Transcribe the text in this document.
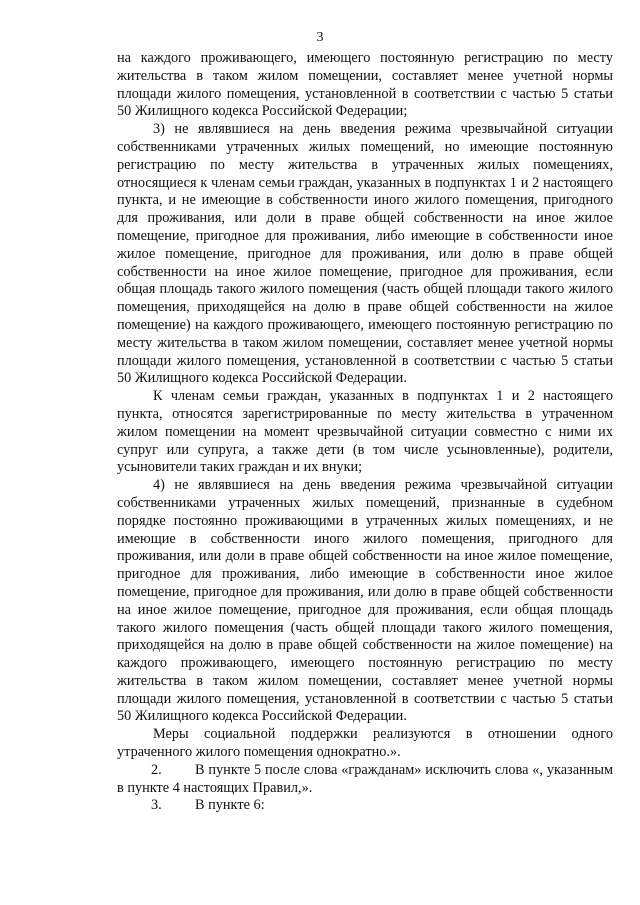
3

на каждого проживающего, имеющего постоянную регистрацию по месту жительства в таком жилом помещении, составляет менее учетной нормы площади жилого помещения, установленной в соответствии с частью 5 статьи 50 Жилищного кодекса Российской Федерации;

3) не являвшиеся на день введения режима чрезвычайной ситуации собственниками утраченных жилых помещений, но имеющие постоянную регистрацию по месту жительства в утраченных жилых помещениях, относящиеся к членам семьи граждан, указанных в подпунктах 1 и 2 настоящего пункта, и не имеющие в собственности иного жилого помещения, пригодного для проживания, или доли в праве общей собственности на иное жилое помещение, пригодное для проживания, либо имеющие в собственности иное жилое помещение, пригодное для проживания, или долю в праве общей собственности на иное жилое помещение, пригодное для проживания, если общая площадь такого жилого помещения (часть общей площади такого жилого помещения, приходящейся на долю в праве общей собственности на жилое помещение) на каждого проживающего, имеющего постоянную регистрацию по месту жительства в таком жилом помещении, составляет менее учетной нормы площади жилого помещения, установленной в соответствии с частью 5 статьи 50 Жилищного кодекса Российской Федерации.

К членам семьи граждан, указанных в подпунктах 1 и 2 настоящего пункта, относятся зарегистрированные по месту жительства в утраченном жилом помещении на момент чрезвычайной ситуации совместно с ними их супруг или супруга, а также дети (в том числе усыновленные), родители, усыновители таких граждан и их внуки;

4) не являвшиеся на день введения режима чрезвычайной ситуации собственниками утраченных жилых помещений, признанные в судебном порядке постоянно проживающими в утраченных жилых помещениях, и не имеющие в собственности иного жилого помещения, пригодного для проживания, или доли в праве общей собственности на иное жилое помещение, пригодное для проживания, либо имеющие в собственности иное жилое помещение, пригодное для проживания, или долю в праве общей собственности на иное жилое помещение, пригодное для проживания, если общая площадь такого жилого помещения (часть общей площади такого жилого помещения, приходящейся на долю в праве общей собственности на жилое помещение) на каждого проживающего, имеющего постоянную регистрацию по месту жительства в таком жилом помещении, составляет менее учетной нормы площади жилого помещения, установленной в соответствии с частью 5 статьи 50 Жилищного кодекса Российской Федерации.

Меры социальной поддержки реализуются в отношении одного утраченного жилого помещения однократно.».

2. В пункте 5 после слова «гражданам» исключить слова «, указанным в пункте 4 настоящих Правил,».

3. В пункте 6:
